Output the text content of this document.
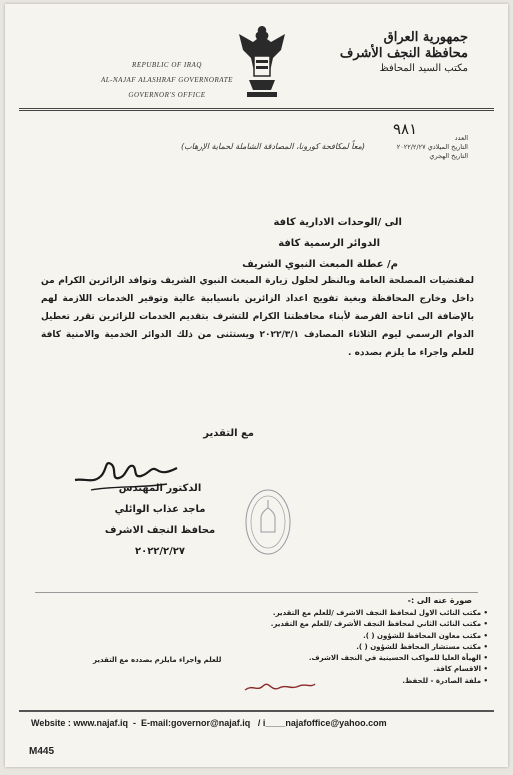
REPUBLIC OF IRAQ
AL-NAJAF ALASHRAF GOVERNORATE
GOVERNOR'S OFFICE
جمهورية العراق
محافظة النجف الأشرف
مكتب السيد المحافظ
٩٨١	العدد
التاريخ الميلادي ٢٠٢٢/٢/٢٧
التاريخ الهجري
(معاً لمكافحة كورونا، المصادقة الشاملة لحماية الإرهاب)
الى /الوحدات الادارية كافة
الدوائر الرسمية كافة
م/ عطلة المبعث النبوي الشريف
لمقتضيات المصلحة العامة وبالنظر لحلول زيارة المبعث النبوي الشريف وتوافد الزائرين الكرام من داخل وخارج المحافظة وبغية تفويج اعداد الزائرين بانسيابية عالية وتوفير الخدمات اللازمة لهم بالإضافة الى اتاحة الفرصة لأبناء محافظتنا الكرام للتشرف بتقديم الخدمات للزائرين تقرر تعطيل الدوام الرسمي ليوم الثلاثاء المصادف ٢٠٢٢/٣/١ ويستثنى من ذلك الدوائر الخدمية والامنية كافة للعلم واجراء ما يلزم بصدده .
مع التقدير
الدكتور المهندس
ماجد عذاب الوائلي
محافظ النجف الاشرف
٢٠٢٢/٢/٢٧
صورة عنه الى :-
• مكتب النائب الاول لمحافظ النجف الاشرف /للعلم مع التقدير.
• مكتب النائب الثاني لمحافظ النجف الأشرف /للعلم مع التقدير.
• مكتب معاون المحافظ للشؤون ( ).
• مكتب مستشار المحافظ للشؤون ( ).
• الهيأة العليا للمواكب الحسينية في النجف الاشرف.
• الاقسام كافة.
• ملفة الصادرة - للحفظ.
للعلم واجراء مايلزم بصدده مع التقدير
Website : www.najaf.iq  -  E-mail:governor@najaf.iq / i____najafoffice@yahoo.com
M445
